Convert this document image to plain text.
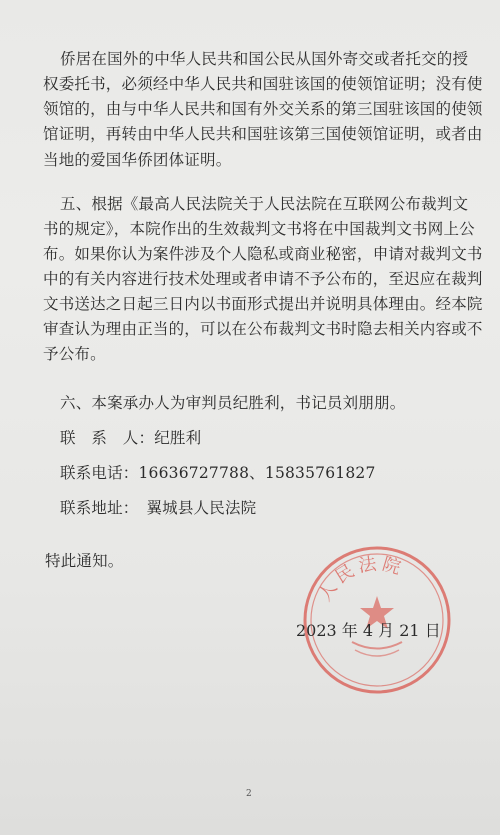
侨居在国外的中华人民共和国公民从国外寄交或者托交的授
权委托书，必须经中华人民共和国驻该国的使领馆证明；没有使
领馆的，由与中华人民共和国有外交关系的第三国驻该国的使领
馆证明，再转由中华人民共和国驻该第三国使领馆证明，或者由
当地的爱国华侨团体证明。
五、根据《最高人民法院关于人民法院在互联网公布裁判文
书的规定》，本院作出的生效裁判文书将在中国裁判文书网上公
布。如果你认为案件涉及个人隐私或商业秘密，申请对裁判文书
中的有关内容进行技术处理或者申请不予公布的，至迟应在裁判
文书送达之日起三日内以书面形式提出并说明具体理由。经本院
审查认为理由正当的，可以在公布裁判文书时隐去相关内容或不
予公布。
六、本案承办人为审判员纪胜利，书记员刘朋朋。
联　系　人：纪胜利
联系电话：16636727788、15835761827
联系地址：　翼城县人民法院
特此通知。
人民法院
2023 年 4 月 21 日
2
